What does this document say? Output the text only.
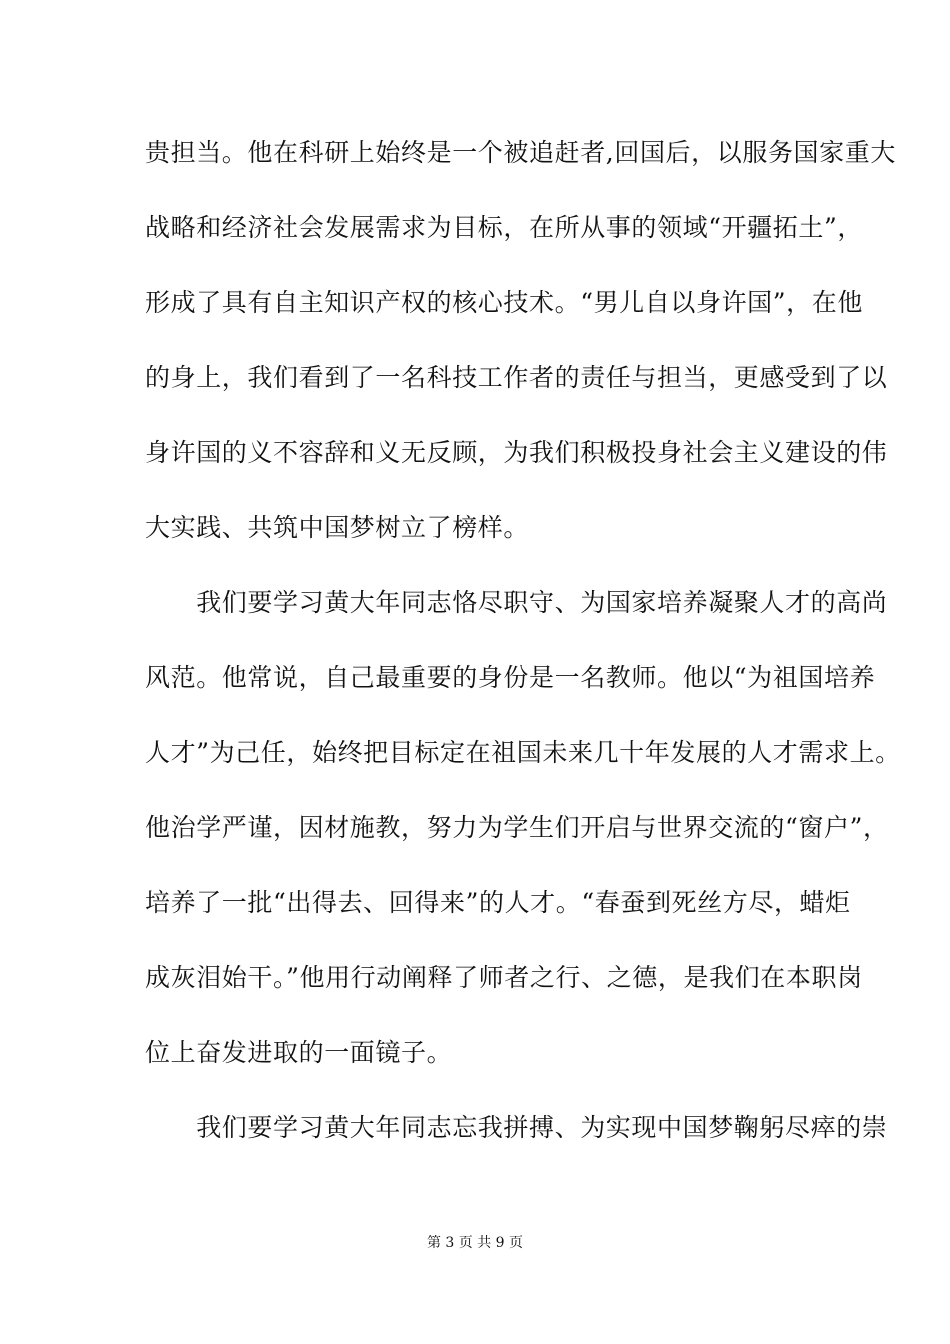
贵担当。他在科研上始终是一个被追赶者,回国后，以服务国家重大
战略和经济社会发展需求为目标，在所从事的领域“开疆拓土”，
形成了具有自主知识产权的核心技术。“男儿自以身许国”，在他
的身上，我们看到了一名科技工作者的责任与担当，更感受到了以
身许国的义不容辞和义无反顾，为我们积极投身社会主义建设的伟
大实践、共筑中国梦树立了榜样。
　　我们要学习黄大年同志恪尽职守、为国家培养凝聚人才的高尚
风范。他常说，自己最重要的身份是一名教师。他以“为祖国培养
人才”为己任，始终把目标定在祖国未来几十年发展的人才需求上。
他治学严谨，因材施教，努力为学生们开启与世界交流的“窗户”，
培养了一批“出得去、回得来”的人才。“春蚕到死丝方尽，蜡炬
成灰泪始干。”他用行动阐释了师者之行、之德，是我们在本职岗
位上奋发进取的一面镜子。
　　我们要学习黄大年同志忘我拼搏、为实现中国梦鞠躬尽瘁的崇
第 3 页 共 9 页
